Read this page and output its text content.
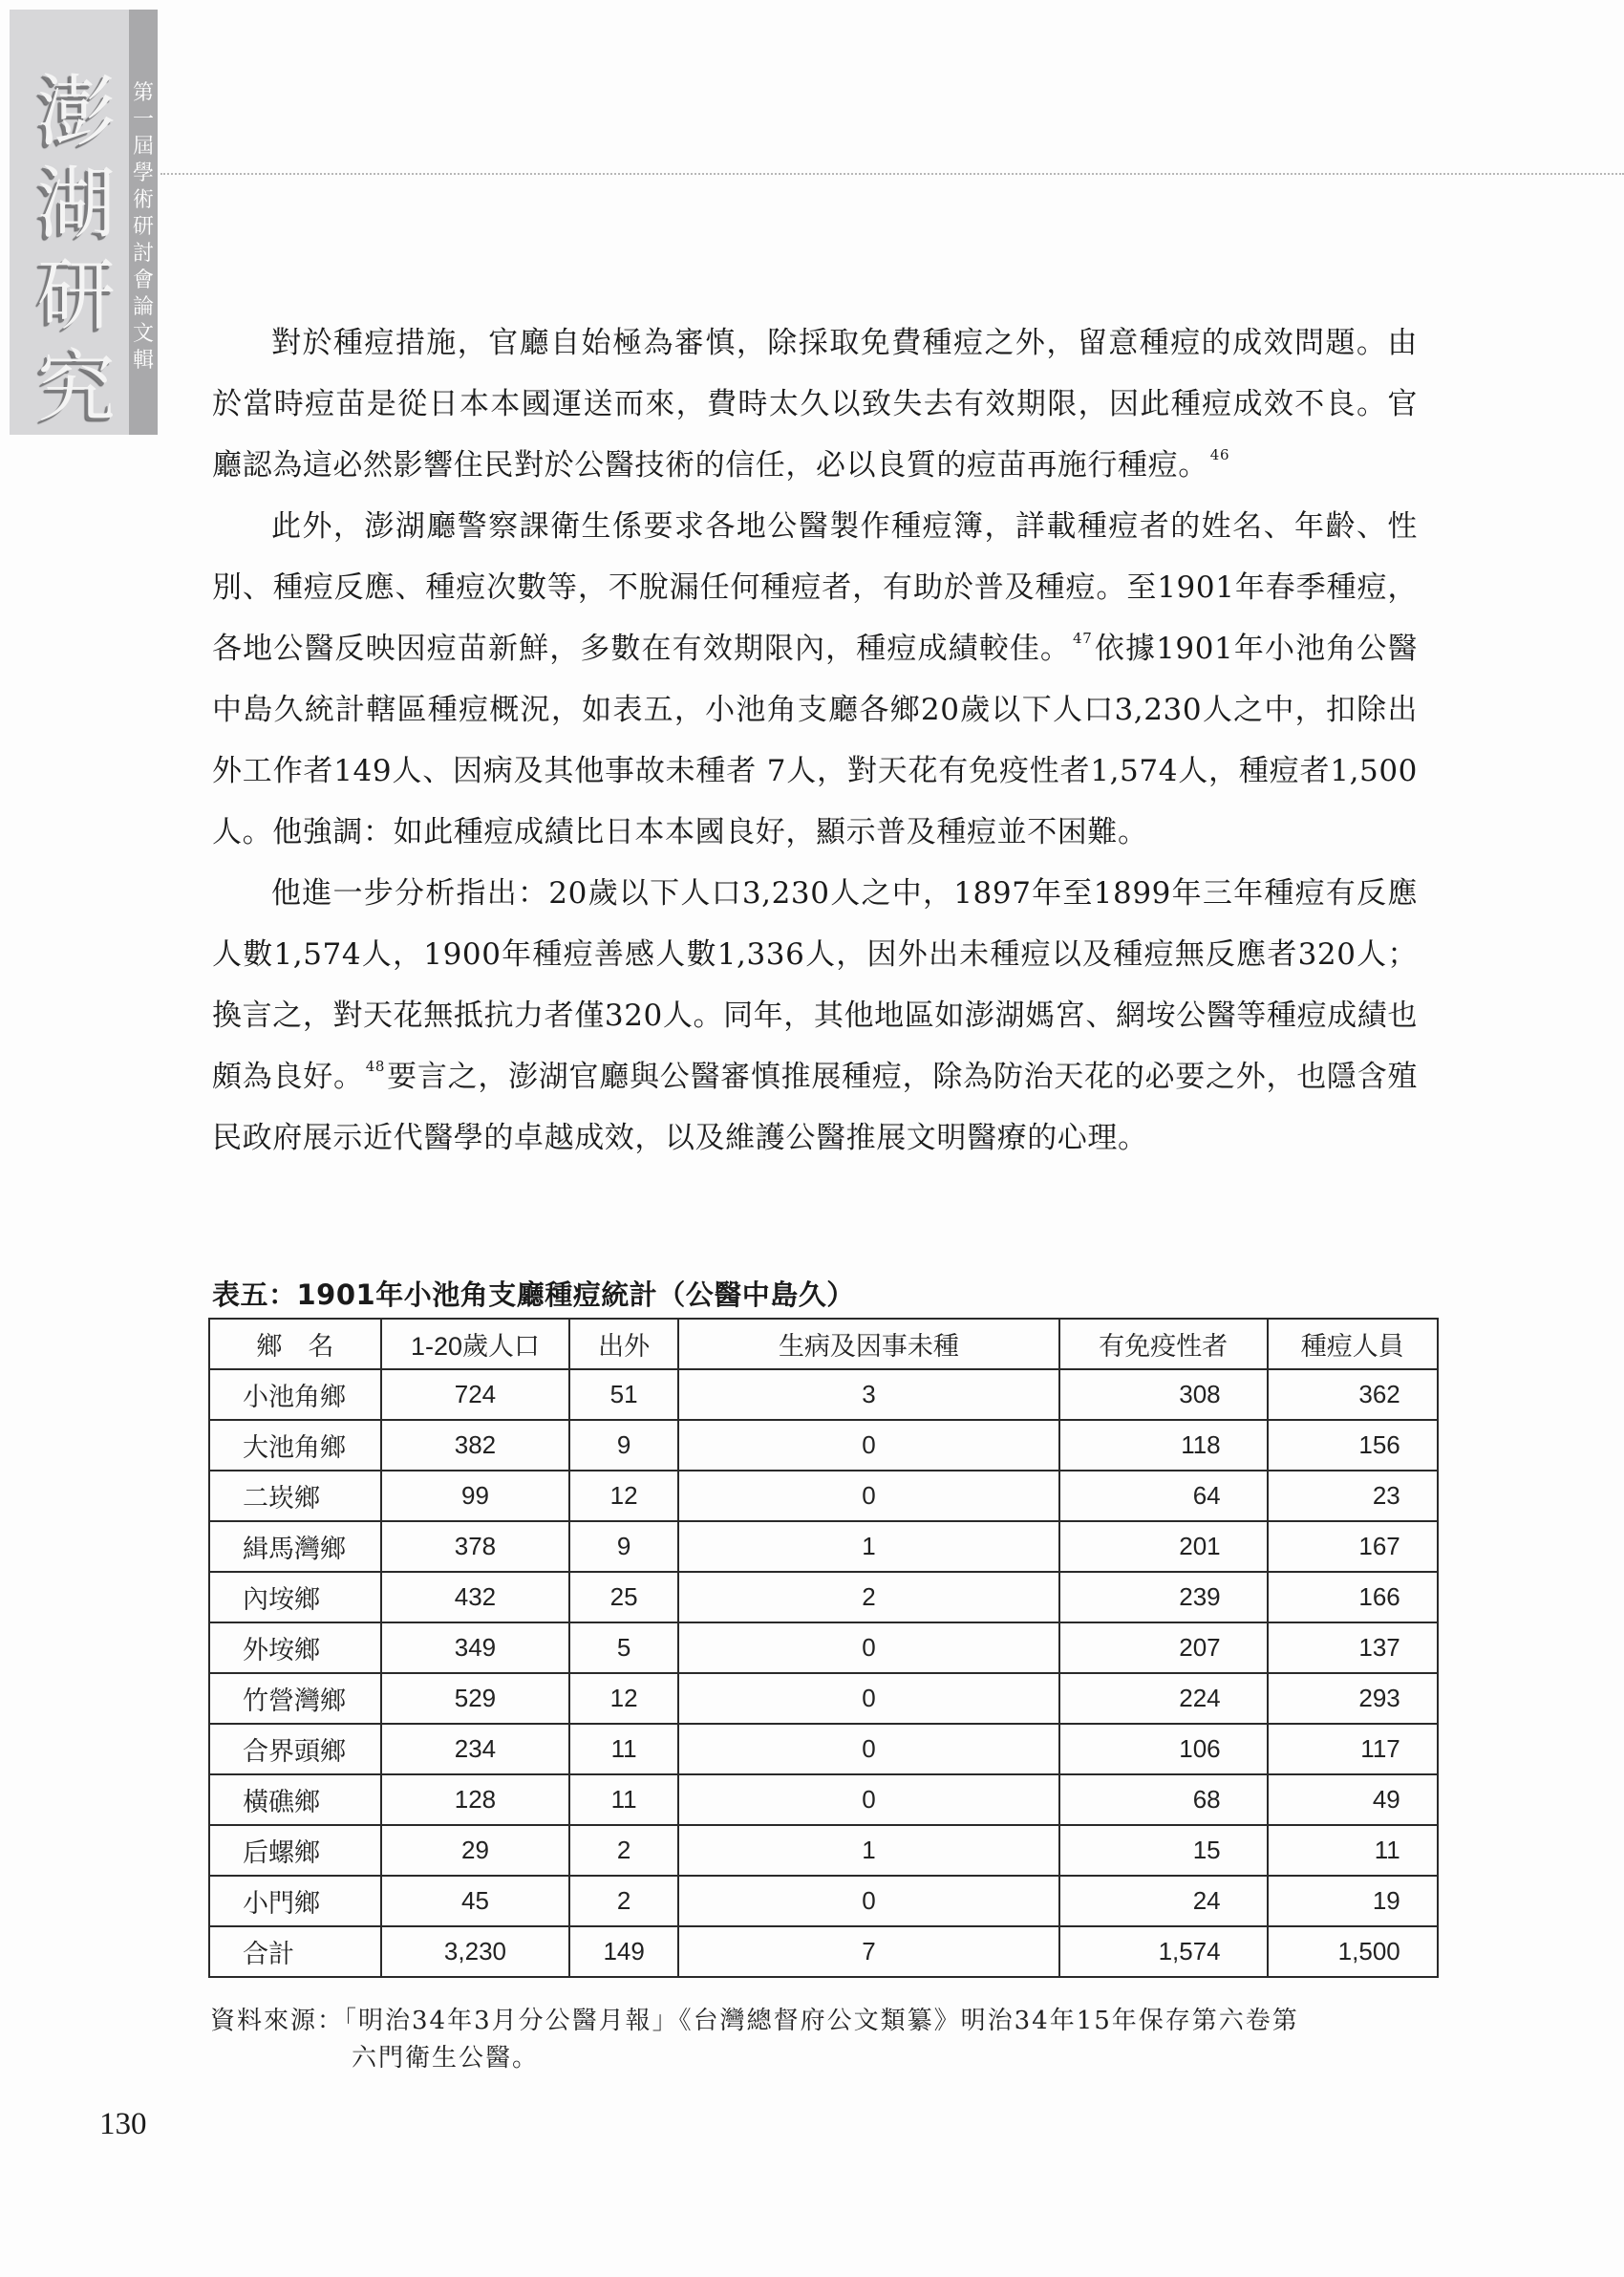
澎
湖
研
究
第
一
屆
學
術
研
討
會
論
文
輯

對於種痘措施，官廳自始極為審慎，除採取免費種痘之外，留意種痘的成效問題。由於當時痘苗是從日本本國運送而來，費時太久以致失去有效期限，因此種痘成效不良。官廳認為這必然影響住民對於公醫技術的信任，必以良質的痘苗再施行種痘。 $^{46}$

此外，澎湖廳警察課衛生係要求各地公醫製作種痘簿，詳載種痘者的姓名、年齡、性別、種痘反應、種痘次數等，不脫漏任何種痘者，有助於普及種痘。至1901年春季種痘，各地公醫反映因痘苗新鮮，多數在有效期限內，種痘成績較佳。 $^{47}$依據1901年小池角公醫中島久統計轄區種痘概況，如表五，小池角支廳各鄉20歲以下人口3,230人之中，扣除出外工作者149人、因病及其他事故未種者 7人，對天花有免疫性者1,574人，種痘者1,500人。他強調：如此種痘成績比日本本國良好，顯示普及種痘並不困難。

他進一步分析指出：20歲以下人口3,230人之中，1897年至1899年三年種痘有反應人數1,574人，1900年種痘善感人數1,336人，因外出未種痘以及種痘無反應者320人；換言之，對天花無抵抗力者僅320人。同年，其他地區如澎湖媽宮、網垵公醫等種痘成績也頗為良好。 $^{48}$要言之，澎湖官廳與公醫審慎推展種痘，除為防治天花的必要之外，也隱含殖民政府展示近代醫學的卓越成效，以及維護公醫推展文明醫療的心理。

表五：1901年小池角支廳種痘統計（公醫中島久）
鄉　名	1-20歲人口	出外	生病及因事未種	有免疫性者	種痘人員
小池角鄉	724	51	3	308	362
大池角鄉	382	9	0	118	156
二崁鄉	99	12	0	64	23
緝馬灣鄉	378	9	1	201	167
內垵鄉	432	25	2	239	166
外垵鄉	349	5	0	207	137
竹營灣鄉	529	12	0	224	293
合界頭鄉	234	11	0	106	117
橫礁鄉	128	11	0	68	49
后螺鄉	29	2	1	15	11
小門鄉	45	2	0	24	19
合計	3,230	149	7	1,574	1,500
資料來源：「明治34年3月分公醫月報」《台灣總督府公文類纂》明治34年15年保存第六卷第
六門衛生公醫。
130
